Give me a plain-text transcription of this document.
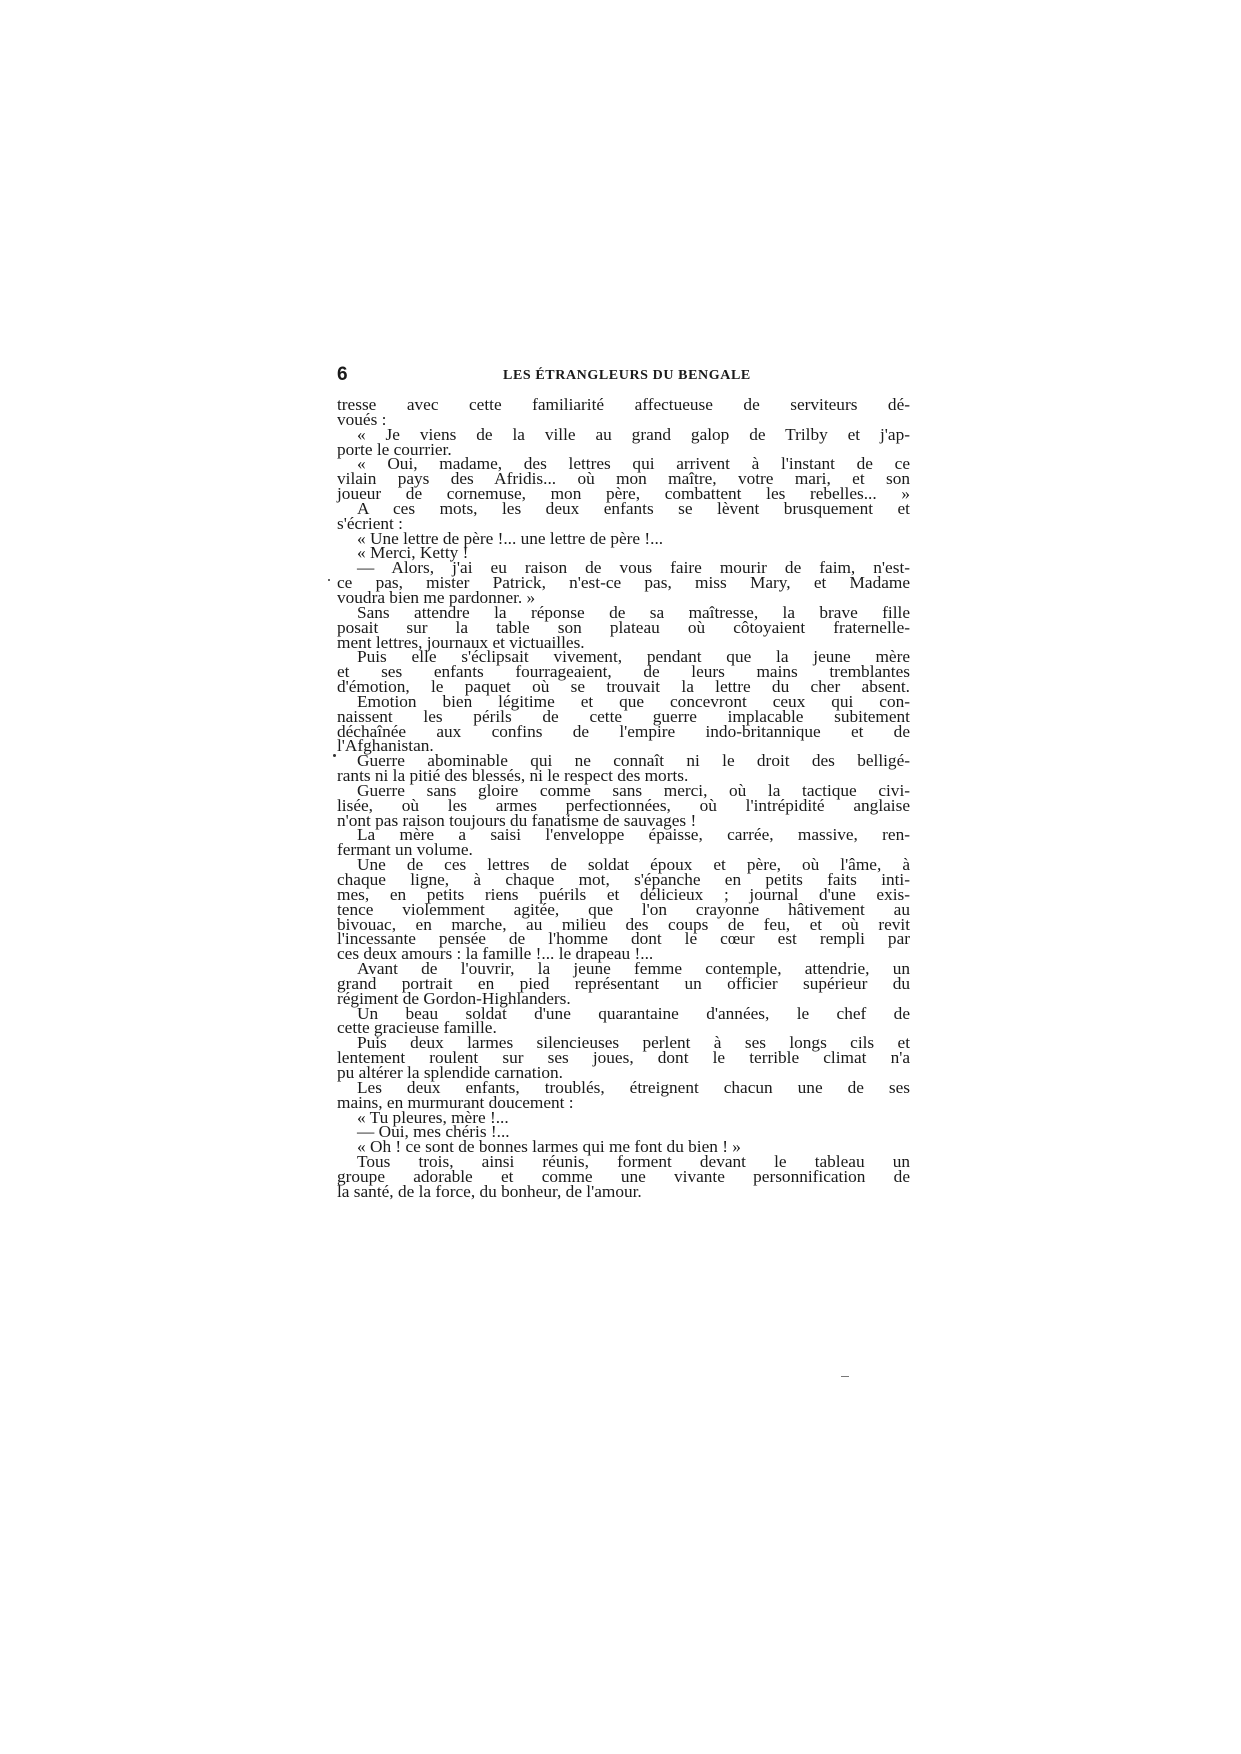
6	LES ÉTRANGLEURS DU BENGALE
tresse avec cette familiarité affectueuse de serviteurs dé-
voués :
« Je viens de la ville au grand galop de Trilby et j'ap-
porte le courrier.
« Oui, madame, des lettres qui arrivent à l'instant de ce
vilain pays des Afridis... où mon maître, votre mari, et son
joueur de cornemuse, mon père, combattent les rebelles... »
A ces mots, les deux enfants se lèvent brusquement et
s'écrient :
« Une lettre de père !... une lettre de père !...
« Merci, Ketty !
— Alors, j'ai eu raison de vous faire mourir de faim, n'est-
ce pas, mister Patrick, n'est-ce pas, miss Mary, et Madame
voudra bien me pardonner. »
Sans attendre la réponse de sa maîtresse, la brave fille
posait sur la table son plateau où côtoyaient fraternelle-
ment lettres, journaux et victuailles.
Puis elle s'éclipsait vivement, pendant que la jeune mère
et ses enfants fourrageaient, de leurs mains tremblantes
d'émotion, le paquet où se trouvait la lettre du cher absent.
Emotion bien légitime et que concevront ceux qui con-
naissent les périls de cette guerre implacable subitement
déchaînée aux confins de l'empire indo-britannique et de
l'Afghanistan.
Guerre abominable qui ne connaît ni le droit des belligé-
rants ni la pitié des blessés, ni le respect des morts.
Guerre sans gloire comme sans merci, où la tactique civi-
lisée, où les armes perfectionnées, où l'intrépidité anglaise
n'ont pas raison toujours du fanatisme de sauvages !
La mère a saisi l'enveloppe épaisse, carrée, massive, ren-
fermant un volume.
Une de ces lettres de soldat époux et père, où l'âme, à
chaque ligne, à chaque mot, s'épanche en petits faits inti-
mes, en petits riens puérils et délicieux ; journal d'une exis-
tence violemment agitée, que l'on crayonne hâtivement au
bivouac, en marche, au milieu des coups de feu, et où revit
l'incessante pensée de l'homme dont le cœur est rempli par
ces deux amours : la famille !... le drapeau !...
Avant de l'ouvrir, la jeune femme contemple, attendrie, un
grand portrait en pied représentant un officier supérieur du
régiment de Gordon-Highlanders.
Un beau soldat d'une quarantaine d'années, le chef de
cette gracieuse famille.
Puis deux larmes silencieuses perlent à ses longs cils et
lentement roulent sur ses joues, dont le terrible climat n'a
pu altérer la splendide carnation.
Les deux enfants, troublés, étreignent chacun une de ses
mains, en murmurant doucement :
« Tu pleures, mère !...
— Oui, mes chéris !...
« Oh ! ce sont de bonnes larmes qui me font du bien ! »
Tous trois, ainsi réunis, forment devant le tableau un
groupe adorable et comme une vivante personnification de
la santé, de la force, du bonheur, de l'amour.
